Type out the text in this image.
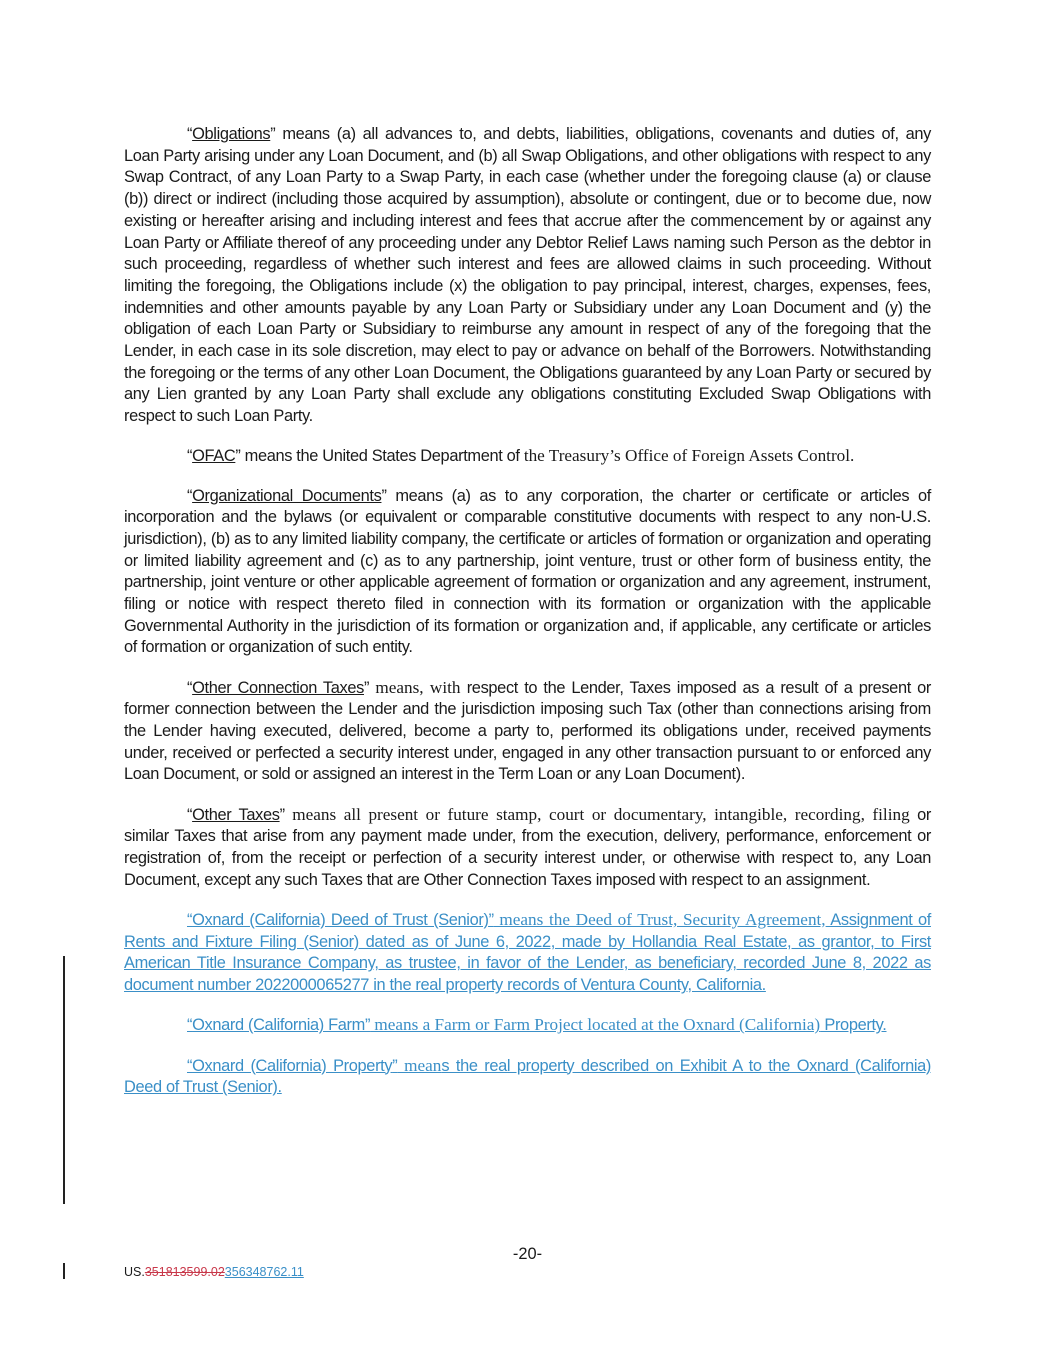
“Obligations” means (a) all advances to, and debts, liabilities, obligations, covenants and duties of, any Loan Party arising under any Loan Document, and (b) all Swap Obligations, and other obligations with respect to any Swap Contract, of any Loan Party to a Swap Party, in each case (whether under the foregoing clause (a) or clause (b)) direct or indirect (including those acquired by assumption), absolute or contingent, due or to become due, now existing or hereafter arising and including interest and fees that accrue after the commencement by or against any Loan Party or Affiliate thereof of any proceeding under any Debtor Relief Laws naming such Person as the debtor in such proceeding, regardless of whether such interest and fees are allowed claims in such proceeding. Without limiting the foregoing, the Obligations include (x) the obligation to pay principal, interest, charges, expenses, fees, indemnities and other amounts payable by any Loan Party or Subsidiary under any Loan Document and (y) the obligation of each Loan Party or Subsidiary to reimburse any amount in respect of any of the foregoing that the Lender, in each case in its sole discretion, may elect to pay or advance on behalf of the Borrowers. Notwithstanding the foregoing or the terms of any other Loan Document, the Obligations guaranteed by any Loan Party or secured by any Lien granted by any Loan Party shall exclude any obligations constituting Excluded Swap Obligations with respect to such Loan Party.

“OFAC” means the United States Department of the Treasury’s Office of Foreign Assets Control.

“Organizational Documents” means (a) as to any corporation, the charter or certificate or articles of incorporation and the bylaws (or equivalent or comparable constitutive documents with respect to any non-U.S. jurisdiction), (b) as to any limited liability company, the certificate or articles of formation or organization and operating or limited liability agreement and (c) as to any partnership, joint venture, trust or other form of business entity, the partnership, joint venture or other applicable agreement of formation or organization and any agreement, instrument, filing or notice with respect thereto filed in connection with its formation or organization with the applicable Governmental Authority in the jurisdiction of its formation or organization and, if applicable, any certificate or articles of formation or organization of such entity.

“Other Connection Taxes” means, with respect to the Lender, Taxes imposed as a result of a present or former connection between the Lender and the jurisdiction imposing such Tax (other than connections arising from the Lender having executed, delivered, become a party to, performed its obligations under, received payments under, received or perfected a security interest under, engaged in any other transaction pursuant to or enforced any Loan Document, or sold or assigned an interest in the Term Loan or any Loan Document).

“Other Taxes” means all present or future stamp, court or documentary, intangible, recording, filing or similar Taxes that arise from any payment made under, from the execution, delivery, performance, enforcement or registration of, from the receipt or perfection of a security interest under, or otherwise with respect to, any Loan Document, except any such Taxes that are Other Connection Taxes imposed with respect to an assignment.

“Oxnard (California) Deed of Trust (Senior)” means the Deed of Trust, Security Agreement, Assignment of Rents and Fixture Filing (Senior) dated as of June 6, 2022, made by Hollandia Real Estate, as grantor, to First American Title Insurance Company, as trustee, in favor of the Lender, as beneficiary, recorded June 8, 2022 as document number 2022000065277 in the real property records of Ventura County, California.

“Oxnard (California) Farm” means a Farm or Farm Project located at the Oxnard (California) Property.

“Oxnard (California) Property” means the real property described on Exhibit A to the Oxnard (California) Deed of Trust (Senior).

-20-
US.351813599.02356348762.11
